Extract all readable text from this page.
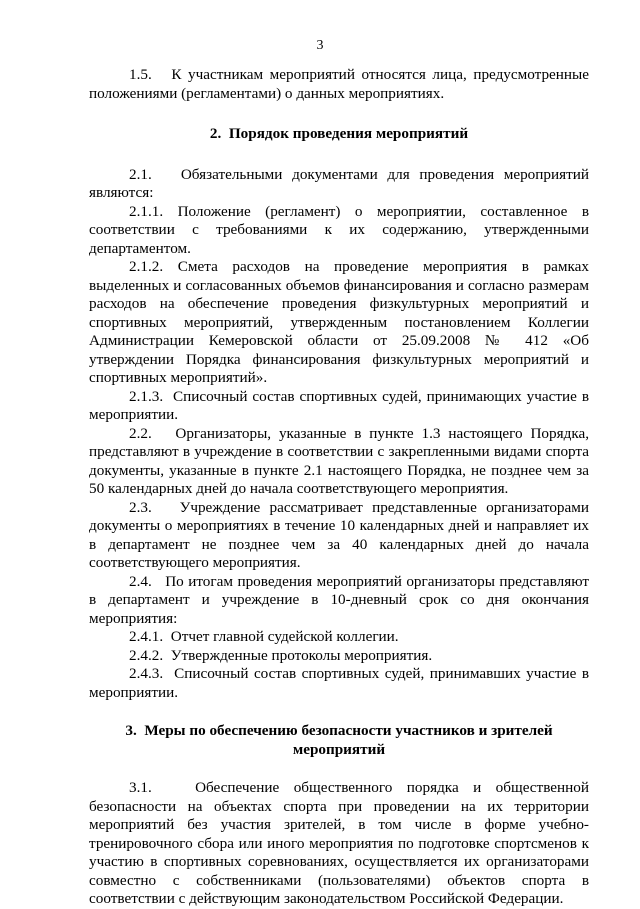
3

1.5.   К участникам мероприятий относятся лица, предусмотренные положениями (регламентами) о данных мероприятиях.

2.  Порядок проведения мероприятий

2.1.   Обязательными документами для проведения мероприятий являются:

2.1.1. Положение (регламент) о мероприятии, составленное в соответствии с требованиями к их содержанию, утвержденными департаментом.

2.1.2. Смета расходов на проведение мероприятия в рамках выделенных и согласованных объемов финансирования и согласно размерам расходов на обеспечение проведения физкультурных мероприятий и спортивных мероприятий, утвержденным постановлением Коллегии Администрации Кемеровской области от 25.09.2008 № 412 «Об утверждении Порядка финансирования физкультурных мероприятий и спортивных мероприятий».

2.1.3.  Списочный состав спортивных судей, принимающих участие в мероприятии.

2.2.   Организаторы, указанные в пункте 1.3 настоящего Порядка, представляют в учреждение в соответствии с закрепленными видами спорта документы, указанные в пункте 2.1 настоящего Порядка, не позднее чем за 50 календарных дней до начала соответствующего мероприятия.

2.3.   Учреждение рассматривает представленные организаторами документы о мероприятиях в течение 10 календарных дней и направляет их в департамент не позднее чем за 40 календарных дней до начала соответствующего мероприятия.

2.4.   По итогам проведения мероприятий организаторы представляют в департамент и учреждение в 10-дневный срок со дня окончания мероприятия:

2.4.1.  Отчет главной судейской коллегии.

2.4.2.  Утвержденные протоколы мероприятия.

2.4.3.  Списочный состав спортивных судей, принимавших участие в мероприятии.

3.  Меры по обеспечению безопасности участников и зрителей мероприятий

3.1.   Обеспечение общественного порядка и общественной безопасности на объектах спорта при проведении на их территории мероприятий без участия зрителей, в том числе в форме учебно-тренировочного сбора или иного мероприятия по подготовке спортсменов к участию в спортивных соревнованиях, осуществляется их организаторами совместно с собственниками (пользователями) объектов спорта в соответствии с действующим законодательством Российской Федерации.
